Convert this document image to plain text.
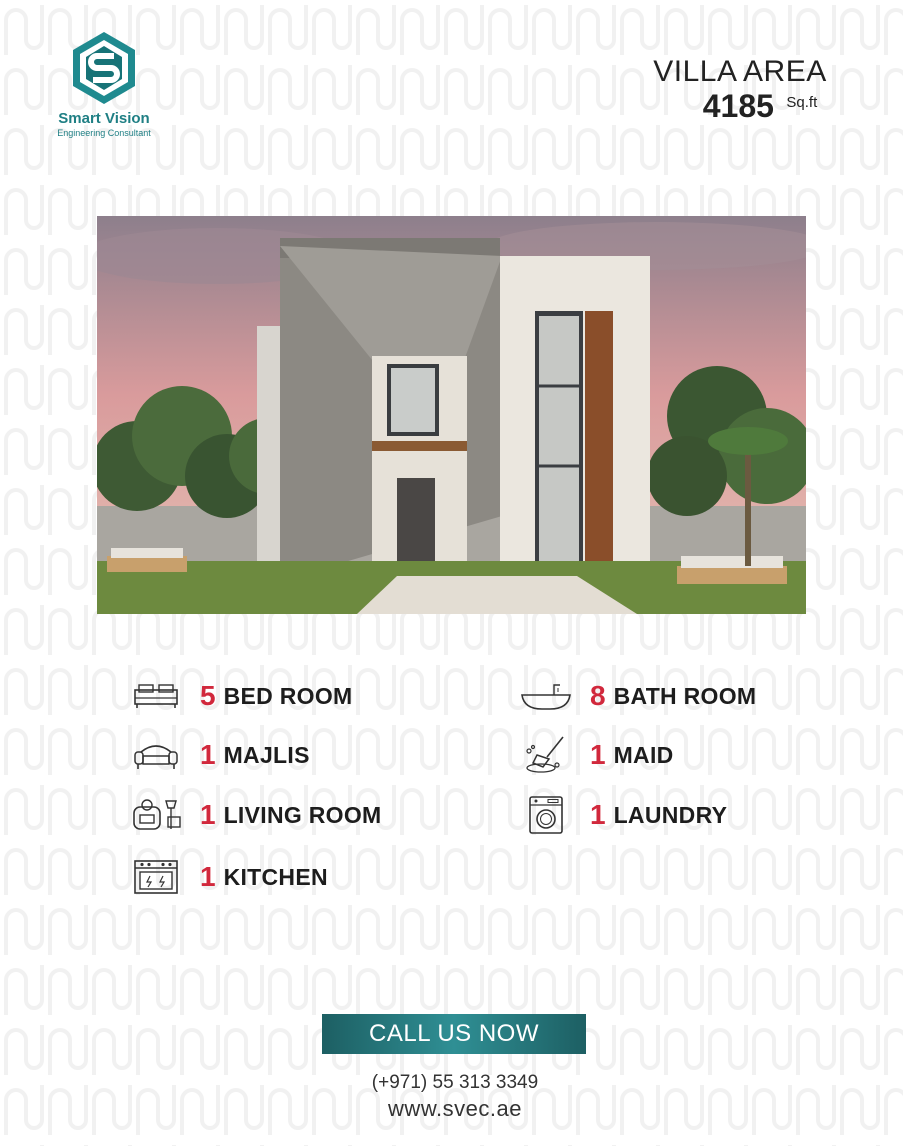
Smart Vision
Engineering Consultant
VILLA AREA
4185 Sq.ft
5 BED ROOM
1 MAJLIS
1 LIVING ROOM
1 KITCHEN
8 BATH ROOM
1 MAID
1 LAUNDRY
CALL US NOW
(+971) 55 313 3349
www.svec.ae
